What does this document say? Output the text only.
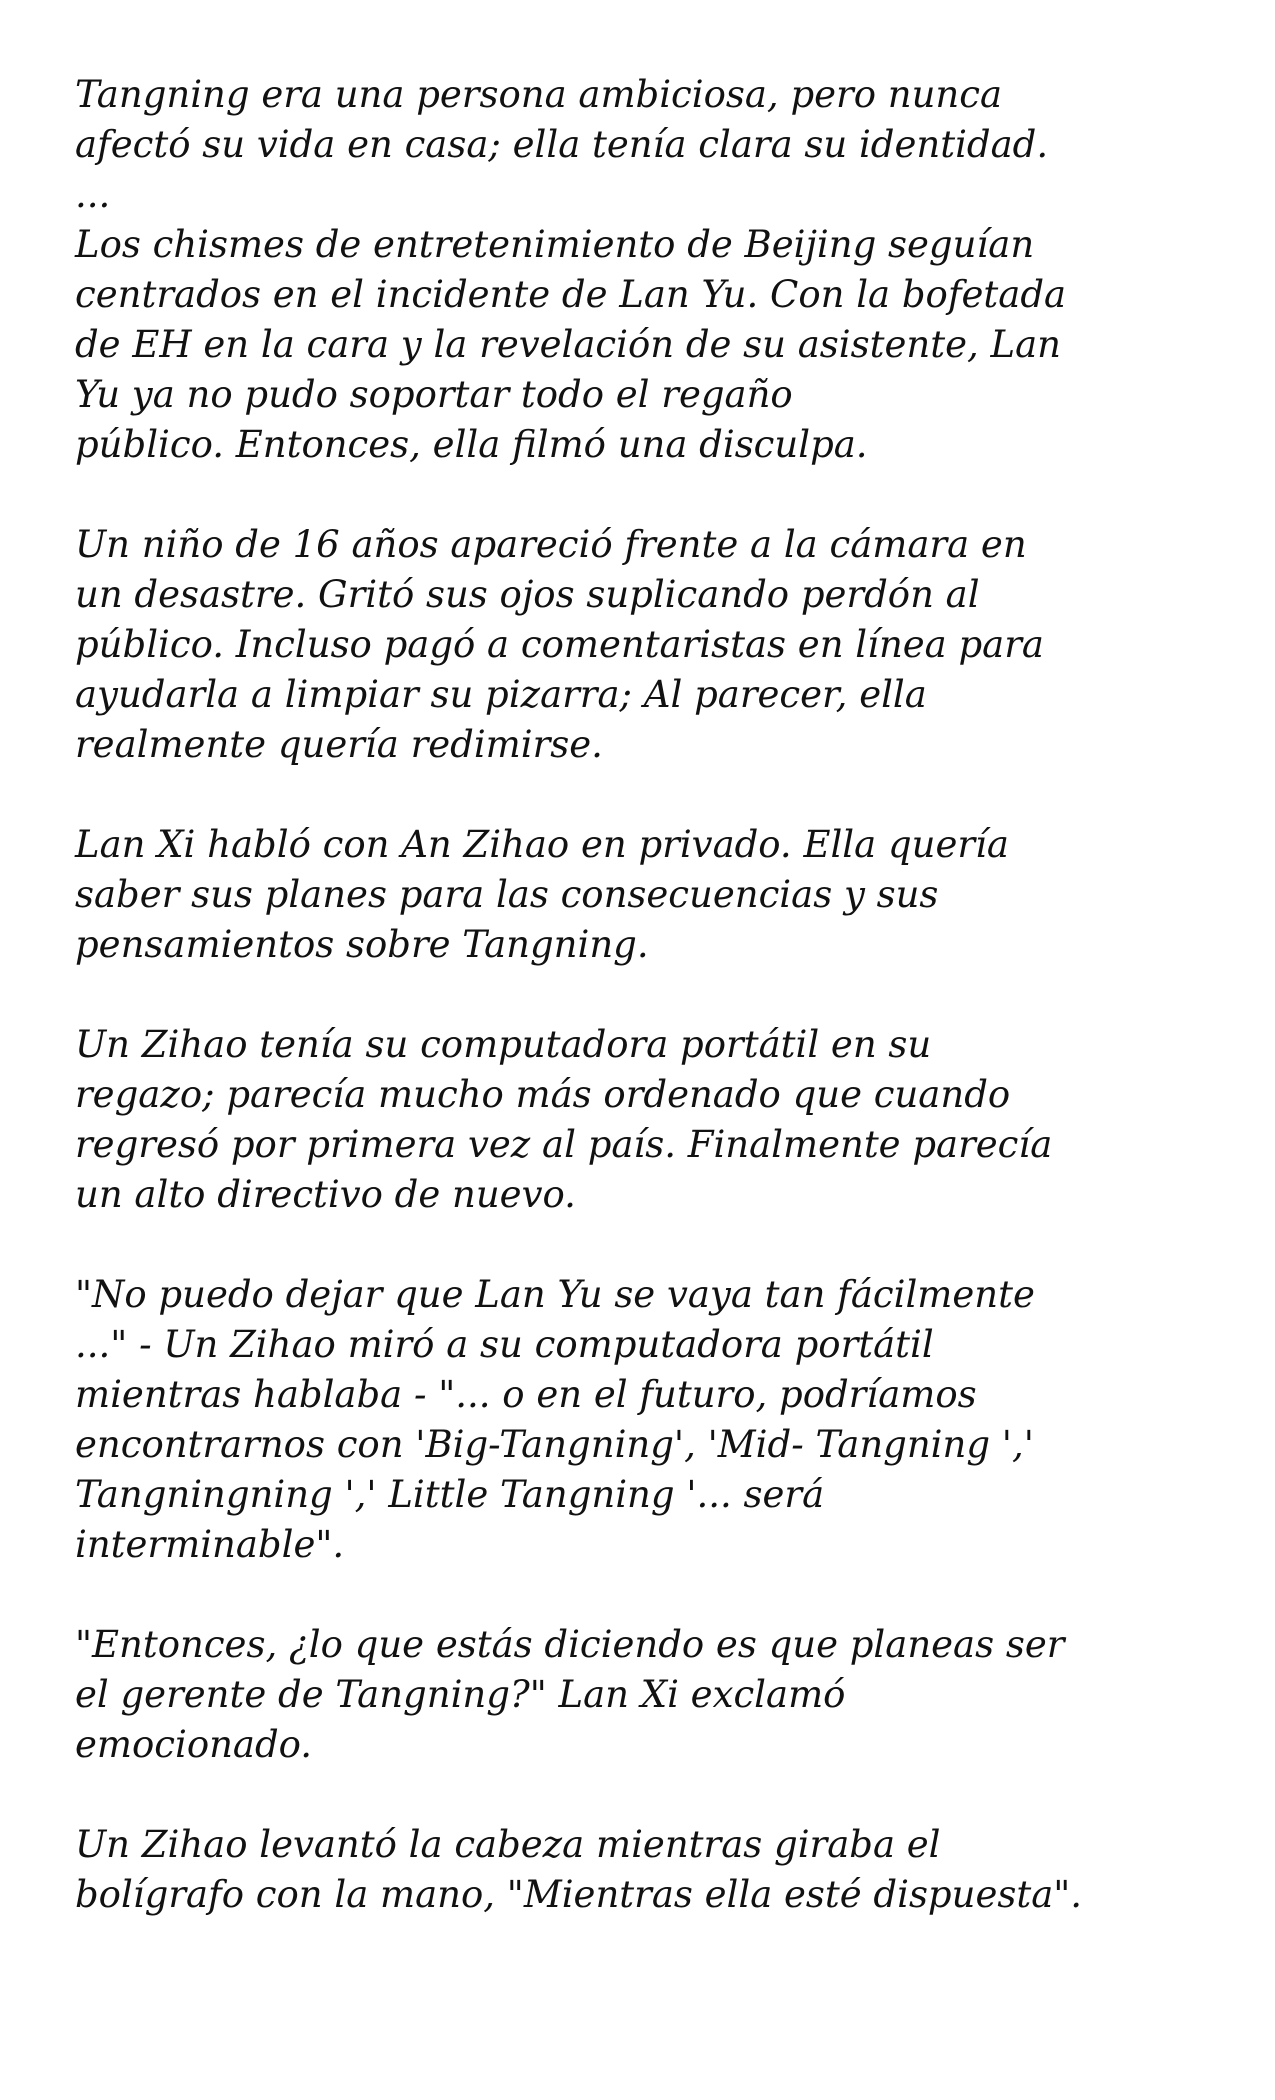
Tangning era una persona ambiciosa, pero nunca
afectó su vida en casa; ella tenía clara su identidad.
...
Los chismes de entretenimiento de Beijing seguían
centrados en el incidente de Lan Yu. Con la bofetada
de EH en la cara y la revelación de su asistente, Lan
Yu ya no pudo soportar todo el regaño
público. Entonces, ella filmó una disculpa.
Un niño de 16 años apareció frente a la cámara en
un desastre. Gritó sus ojos suplicando perdón al
público. Incluso pagó a comentaristas en línea para
ayudarla a limpiar su pizarra; Al parecer, ella
realmente quería redimirse.
Lan Xi habló con An Zihao en privado. Ella quería
saber sus planes para las consecuencias y sus
pensamientos sobre Tangning.
Un Zihao tenía su computadora portátil en su
regazo; parecía mucho más ordenado que cuando
regresó por primera vez al país. Finalmente parecía
un alto directivo de nuevo.
"No puedo dejar que Lan Yu se vaya tan fácilmente
..." - Un Zihao miró a su computadora portátil
mientras hablaba - "... o en el futuro, podríamos
encontrarnos con 'Big-Tangning', 'Mid- Tangning ','
Tangningning ',' Little Tangning '... será
interminable".
"Entonces, ¿lo que estás diciendo es que planeas ser
el gerente de Tangning?" Lan Xi exclamó
emocionado.
Un Zihao levantó la cabeza mientras giraba el
bolígrafo con la mano, "Mientras ella esté dispuesta".
